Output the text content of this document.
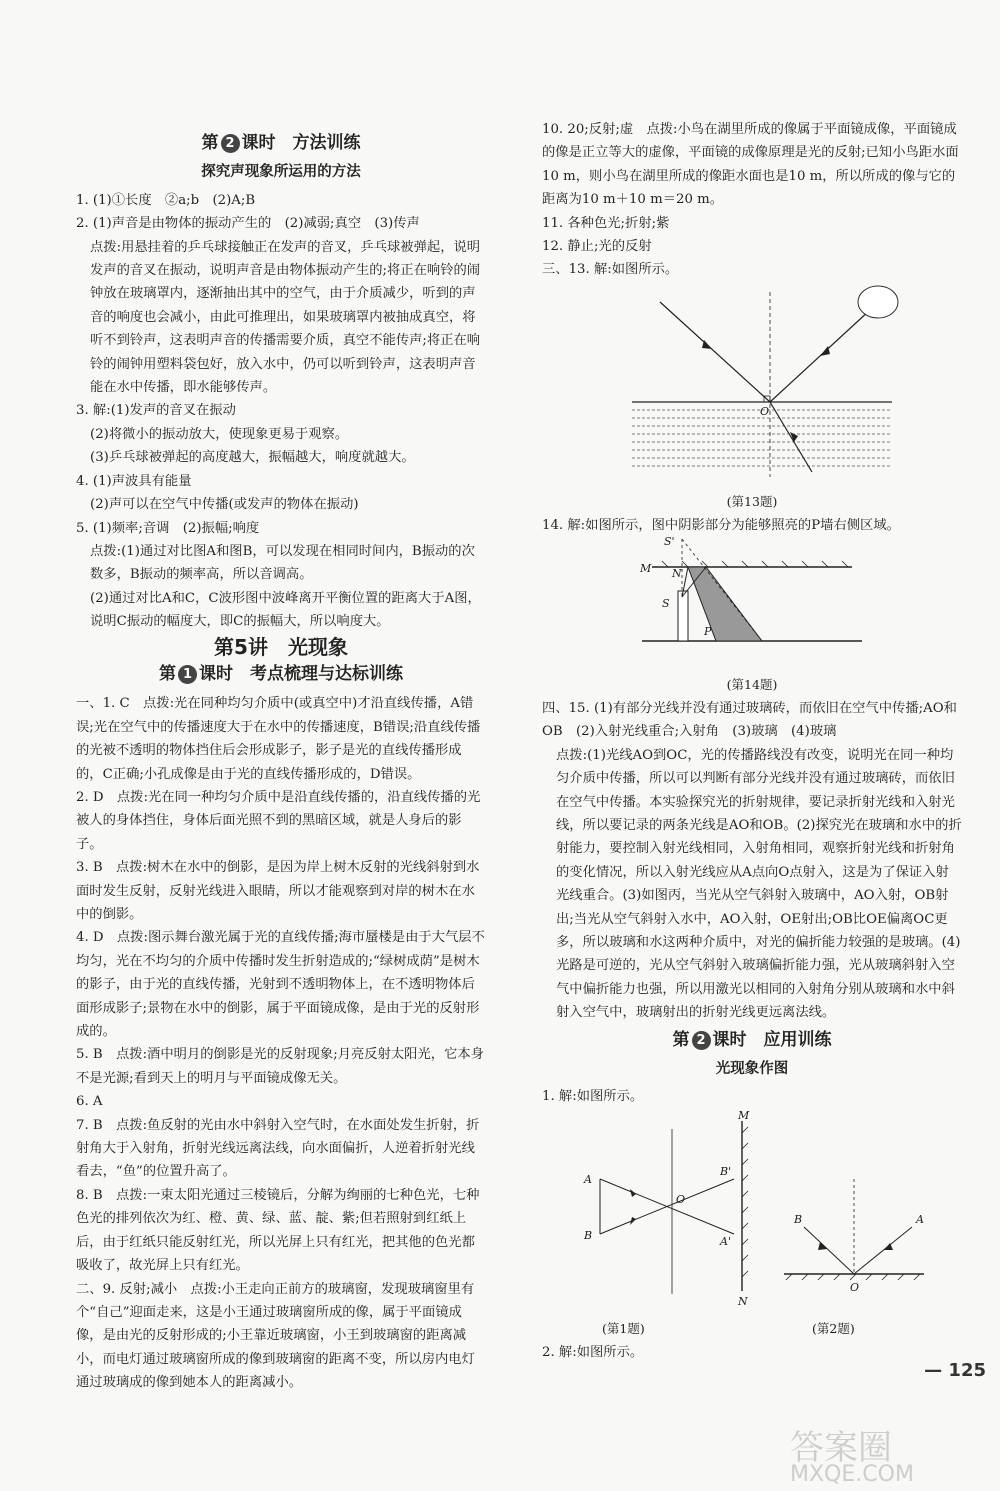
第 2 课时　方法训练
探究声现象所运用的方法

1. (1)①长度　②a;b　(2)A;B

2. (1)声音是由物体的振动产生的　(2)减弱;真空　(3)传声

点拨:用悬挂着的乒乓球接触正在发声的音叉，乒乓球被弹起，说明发声的音叉在振动，说明声音是由物体振动产生的;将正在响铃的闹钟放在玻璃罩内，逐渐抽出其中的空气，由于介质减少，听到的声音的响度也会减小，由此可推理出，如果玻璃罩内被抽成真空，将听不到铃声，这表明声音的传播需要介质，真空不能传声;将正在响铃的闹钟用塑料袋包好，放入水中，仍可以听到铃声，这表明声音能在水中传播，即水能够传声。

3. 解:(1)发声的音叉在振动

(2)将微小的振动放大，使现象更易于观察。

(3)乒乓球被弹起的高度越大，振幅越大，响度就越大。

4. (1)声波具有能量

(2)声可以在空气中传播(或发声的物体在振动)

5. (1)频率;音调　(2)振幅;响度

点拨:(1)通过对比图A和图B，可以发现在相同时间内，B振动的次数多，B振动的频率高，所以音调高。

(2)通过对比A和C，C波形图中波峰离开平衡位置的距离大于A图，说明C振动的幅度大，即C的振幅大，所以响度大。

第5讲　光现象
第 1 课时　考点梳理与达标训练

一、1. C　点拨:光在同种均匀介质中(或真空中)才沿直线传播，A错误;光在空气中的传播速度大于在水中的传播速度，B错误;沿直线传播的光被不透明的物体挡住后会形成影子，影子是光的直线传播形成的，C正确;小孔成像是由于光的直线传播形成的，D错误。

2. D　点拨:光在同一种均匀介质中是沿直线传播的，沿直线传播的光被人的身体挡住，身体后面光照不到的黑暗区域，就是人身后的影子。

3. B　点拨:树木在水中的倒影，是因为岸上树木反射的光线斜射到水面时发生反射，反射光线进入眼睛，所以才能观察到对岸的树木在水中的倒影。

4. D　点拨:图示舞台激光属于光的直线传播;海市蜃楼是由于大气层不均匀，光在不均匀的介质中传播时发生折射造成的;“绿树成荫”是树木的影子，由于光的直线传播，光射到不透明物体上，在不透明物体后面形成影子;景物在水中的倒影，属于平面镜成像，是由于光的反射形成的。

5. B　点拨:酒中明月的倒影是光的反射现象;月亮反射太阳光，它本身不是光源;看到天上的明月与平面镜成像无关。

6. A

7. B　点拨:鱼反射的光由水中斜射入空气时，在水面处发生折射，折射角大于入射角，折射光线远离法线，向水面偏折，人逆着折射光线看去，“鱼”的位置升高了。

8. B　点拨:一束太阳光通过三棱镜后，分解为绚丽的七种色光，七种色光的排列依次为红、橙、黄、绿、蓝、靛、紫;但若照射到红纸上后，由于红纸只能反射红光，所以光屏上只有红光，把其他的色光都吸收了，故光屏上只有红光。

二、9. 反射;减小　点拨:小王走向正前方的玻璃窗，发现玻璃窗里有个“自己”迎面走来，这是小王通过玻璃窗所成的像，属于平面镜成像，是由光的反射形成的;小王靠近玻璃窗，小王到玻璃窗的距离减小，而电灯通过玻璃窗所成的像到玻璃窗的距离不变，所以房内电灯通过玻璃成的像到她本人的距离减小。

10. 20;反射;虚　点拨:小鸟在湖里所成的像属于平面镜成像，平面镜成的像是正立等大的虚像，平面镜的成像原理是光的反射;已知小鸟距水面10 m，则小鸟在湖里所成的像距水面也是10 m，所以所成的像与它的距离为10 m＋10 m＝20 m。

11. 各种色光;折射;紫

12. 静止;光的反射

三、13. 解:如图所示。

O
(第13题)

14. 解:如图所示，图中阴影部分为能够照亮的P墙右侧区域。

S'
M N
S
P
(第14题)

四、15. (1)有部分光线并没有通过玻璃砖，而依旧在空气中传播;AO和OB　(2)入射光线重合;入射角　(3)玻璃　(4)玻璃

点拨:(1)光线AO到OC，光的传播路线没有改变，说明光在同一种均匀介质中传播，所以可以判断有部分光线并没有通过玻璃砖，而依旧在空气中传播。本实验探究光的折射规律，要记录折射光线和入射光线，所以要记录的两条光线是AO和OB。(2)探究光在玻璃和水中的折射能力，要控制入射光线相同，入射角相同，观察折射光线和折射角的变化情况，所以入射光线应从A点向O点射入，这是为了保证入射光线重合。(3)如图丙，当光从空气斜射入玻璃中，AO入射，OB射出;当光从空气斜射入水中，AO入射，OE射出;OB比OE偏离OC更多，所以玻璃和水这两种介质中，对光的偏折能力较强的是玻璃。(4)光路是可逆的，光从空气斜射入玻璃偏折能力强，光从玻璃斜射入空气中偏折能力也强，所以用激光以相同的入射角分别从玻璃和水中斜射入空气中，玻璃射出的折射光线更远离法线。

第 2 课时　应用训练
光现象作图

1. 解:如图所示。

A
B
O
B'
A'
M
N
A
B
O
(第1题)	(第2题)

2. 解:如图所示。

— 125
答案圈
MXQE.COM
